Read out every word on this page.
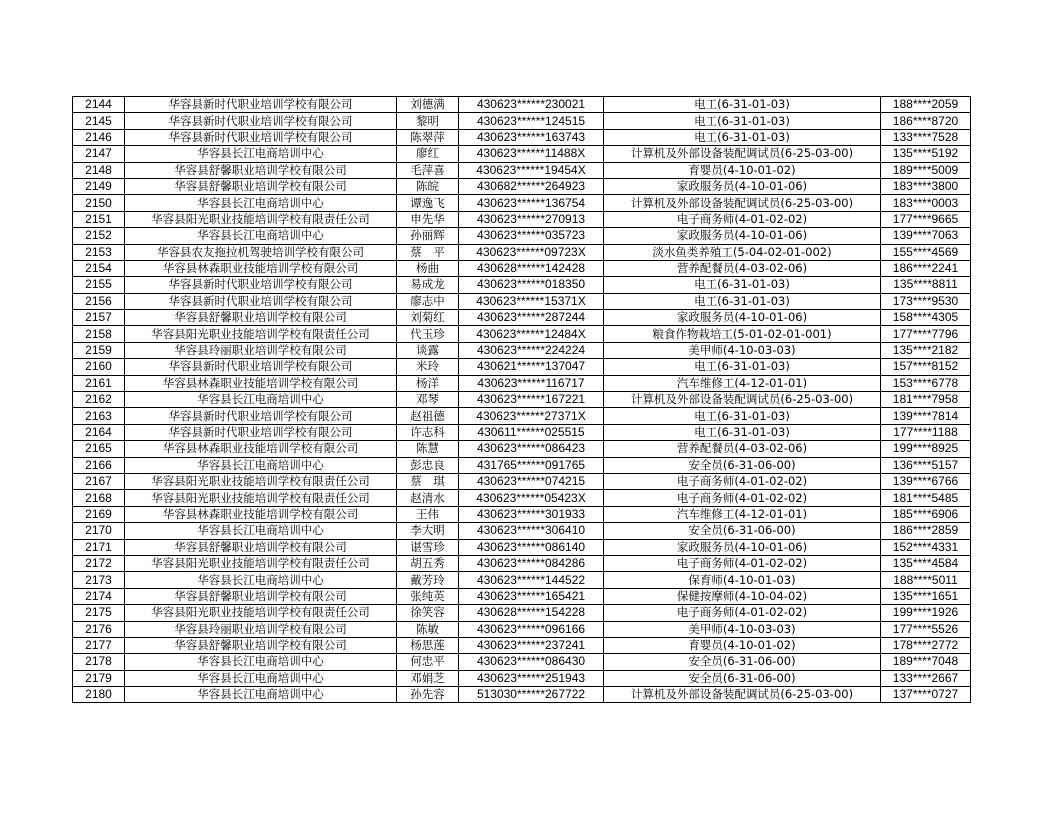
2144	华容县新时代职业培训学校有限公司	刘德满	430623******230021	电工(6-31-01-03)	188****2059
2145	华容县新时代职业培训学校有限公司	黎明	430623******124515	电工(6-31-01-03)	186****8720
2146	华容县新时代职业培训学校有限公司	陈翠萍	430623******163743	电工(6-31-01-03)	133****7528
2147	华容县长江电商培训中心	廖红	430623******11488X	计算机及外部设备装配调试员(6-25-03-00)	135****5192
2148	华容县舒馨职业培训学校有限公司	毛萍喜	430623******19454X	育婴员(4-10-01-02)	189****5009
2149	华容县舒馨职业培训学校有限公司	陈皖	430682******264923	家政服务员(4-10-01-06)	183****3800
2150	华容县长江电商培训中心	谭逸飞	430623******136754	计算机及外部设备装配调试员(6-25-03-00)	183****0003
2151	华容县阳光职业技能培训学校有限责任公司	申先华	430623******270913	电子商务师(4-01-02-02)	177****9665
2152	华容县长江电商培训中心	孙丽辉	430623******035723	家政服务员(4-10-01-06)	139****7063
2153	华容县农友拖拉机驾驶培训学校有限公司	蔡　平	430623******09723X	淡水鱼类养殖工(5-04-02-01-002)	155****4569
2154	华容县林森职业技能培训学校有限公司	杨曲	430628******142428	营养配餐员(4-03-02-06)	186****2241
2155	华容县新时代职业培训学校有限公司	易成龙	430623******018350	电工(6-31-01-03)	135****8811
2156	华容县新时代职业培训学校有限公司	廖志中	430623******15371X	电工(6-31-01-03)	173****9530
2157	华容县舒馨职业培训学校有限公司	刘菊红	430623******287244	家政服务员(4-10-01-06)	158****4305
2158	华容县阳光职业技能培训学校有限责任公司	代玉珍	430623******12484X	粮食作物栽培工(5-01-02-01-001)	177****7796
2159	华容县玲丽职业培训学校有限公司	谈露	430623******224224	美甲师(4-10-03-03)	135****2182
2160	华容县新时代职业培训学校有限公司	米玲	430621******137047	电工(6-31-01-03)	157****8152
2161	华容县林森职业技能培训学校有限公司	杨洋	430623******116717	汽车维修工(4-12-01-01)	153****6778
2162	华容县长江电商培训中心	邓琴	430623******167221	计算机及外部设备装配调试员(6-25-03-00)	181****7958
2163	华容县新时代职业培训学校有限公司	赵祖德	430623******27371X	电工(6-31-01-03)	139****7814
2164	华容县新时代职业培训学校有限公司	许志科	430611******025515	电工(6-31-01-03)	177****1188
2165	华容县林森职业技能培训学校有限公司	陈慧	430623******086423	营养配餐员(4-03-02-06)	199****8925
2166	华容县长江电商培训中心	彭忠良	431765******091765	安全员(6-31-06-00)	136****5157
2167	华容县阳光职业技能培训学校有限责任公司	蔡　琪	430623******074215	电子商务师(4-01-02-02)	139****6766
2168	华容县阳光职业技能培训学校有限责任公司	赵清水	430623******05423X	电子商务师(4-01-02-02)	181****5485
2169	华容县林森职业技能培训学校有限公司	王伟	430623******301933	汽车维修工(4-12-01-01)	185****6906
2170	华容县长江电商培训中心	李大明	430623******306410	安全员(6-31-06-00)	186****2859
2171	华容县舒馨职业培训学校有限公司	谌雪珍	430623******086140	家政服务员(4-10-01-06)	152****4331
2172	华容县阳光职业技能培训学校有限责任公司	胡五秀	430623******084286	电子商务师(4-01-02-02)	135****4584
2173	华容县长江电商培训中心	戴芳玲	430623******144522	保育师(4-10-01-03)	188****5011
2174	华容县舒馨职业培训学校有限公司	张纯英	430623******165421	保健按摩师(4-10-04-02)	135****1651
2175	华容县阳光职业技能培训学校有限责任公司	徐笑容	430628******154228	电子商务师(4-01-02-02)	199****1926
2176	华容县玲丽职业培训学校有限公司	陈敏	430623******096166	美甲师(4-10-03-03)	177****5526
2177	华容县舒馨职业培训学校有限公司	杨思莲	430623******237241	育婴员(4-10-01-02)	178****2772
2178	华容县长江电商培训中心	何忠平	430623******086430	安全员(6-31-06-00)	189****7048
2179	华容县长江电商培训中心	邓娟芝	430623******251943	安全员(6-31-06-00)	133****2667
2180	华容县长江电商培训中心	孙先容	513030******267722	计算机及外部设备装配调试员(6-25-03-00)	137****0727
